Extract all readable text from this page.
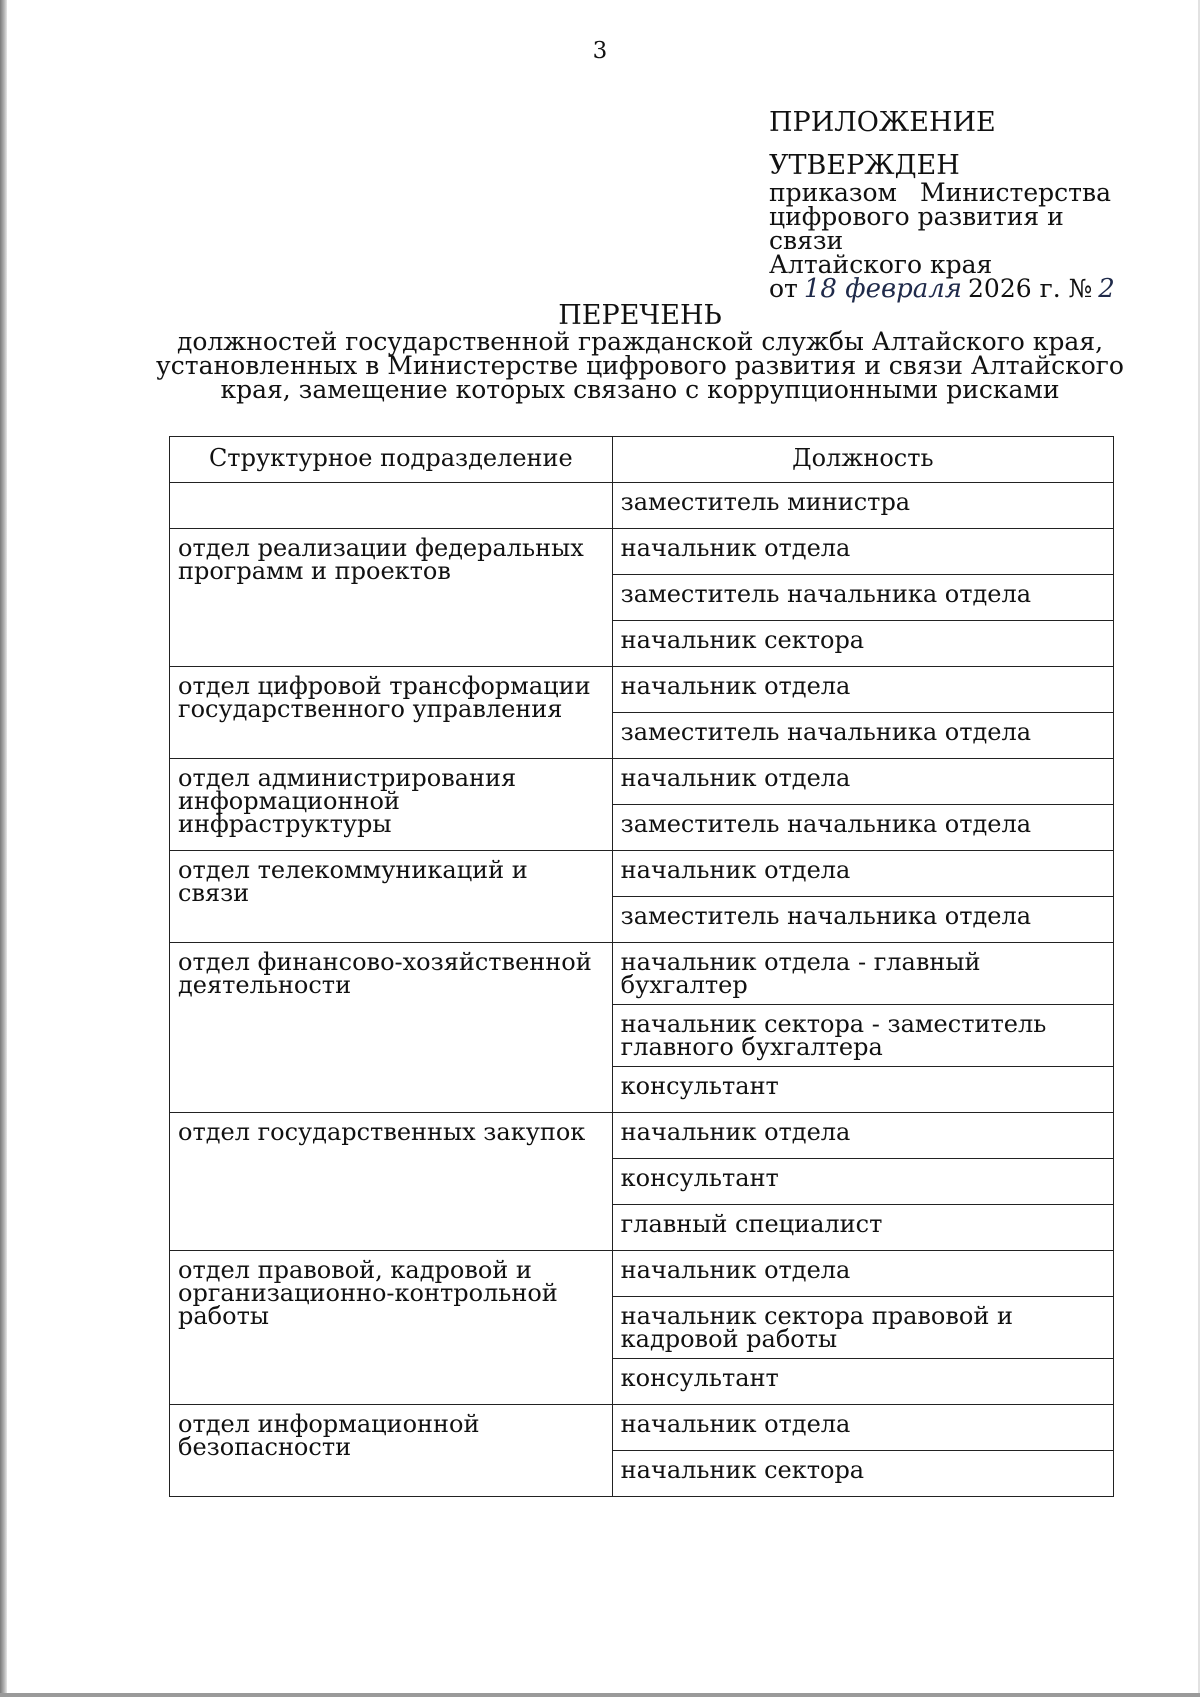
3
ПРИЛОЖЕНИЕ
УТВЕРЖДЕН
приказом Министерства
цифрового развития и связи
Алтайского края
от 18 февраля 2026 г. № 2
ПЕРЕЧЕНЬ
должностей государственной гражданской службы Алтайского края,
установленных в Министерстве цифрового развития и связи Алтайского
края, замещение которых связано с коррупционными рисками
Структурное подразделение	Должность
	заместитель министра
отдел реализации федеральных программ и проектов	начальник отдела
	заместитель начальника отдела
	начальник сектора
отдел цифровой трансформации государственного управления	начальник отдела
	заместитель начальника отдела
отдел администрирования информационной инфраструктуры	начальник отдела
	заместитель начальника отдела
отдел телекоммуникаций и связи	начальник отдела
	заместитель начальника отдела
отдел финансово-хозяйственной деятельности	начальник отдела - главный бухгалтер
	начальник сектора - заместитель главного бухгалтера
	консультант
отдел государственных закупок	начальник отдела
	консультант
	главный специалист
отдел правовой, кадровой и организационно-контрольной работы	начальник отдела
	начальник сектора правовой и кадровой работы
	консультант
отдел информационной безопасности	начальник отдела
	начальник сектора
